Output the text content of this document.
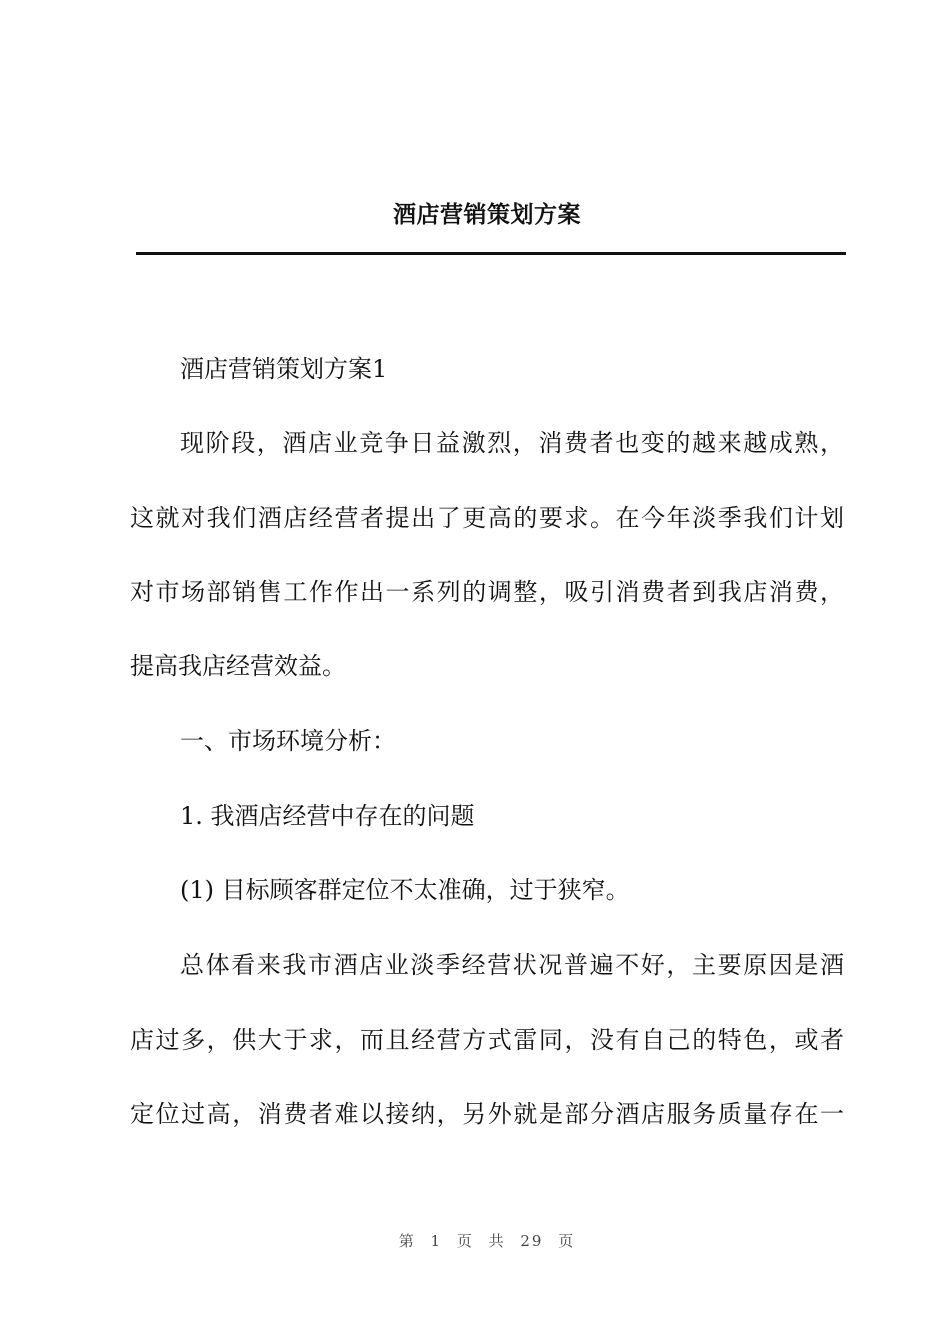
酒店营销策划方案
酒店营销策划方案1
现阶段，酒店业竞争日益激烈，消费者也变的越来越成熟，
这就对我们酒店经营者提出了更高的要求。在今年淡季我们计划
对市场部销售工作作出一系列的调整，吸引消费者到我店消费，
提高我店经营效益。
一、市场环境分析：
1. 我酒店经营中存在的问题
(1) 目标顾客群定位不太准确，过于狭窄。
总体看来我市酒店业淡季经营状况普遍不好，主要原因是酒
店过多，供大于求，而且经营方式雷同，没有自己的特色，或者
定位过高，消费者难以接纳，另外就是部分酒店服务质量存在一
第 1 页 共 29 页
